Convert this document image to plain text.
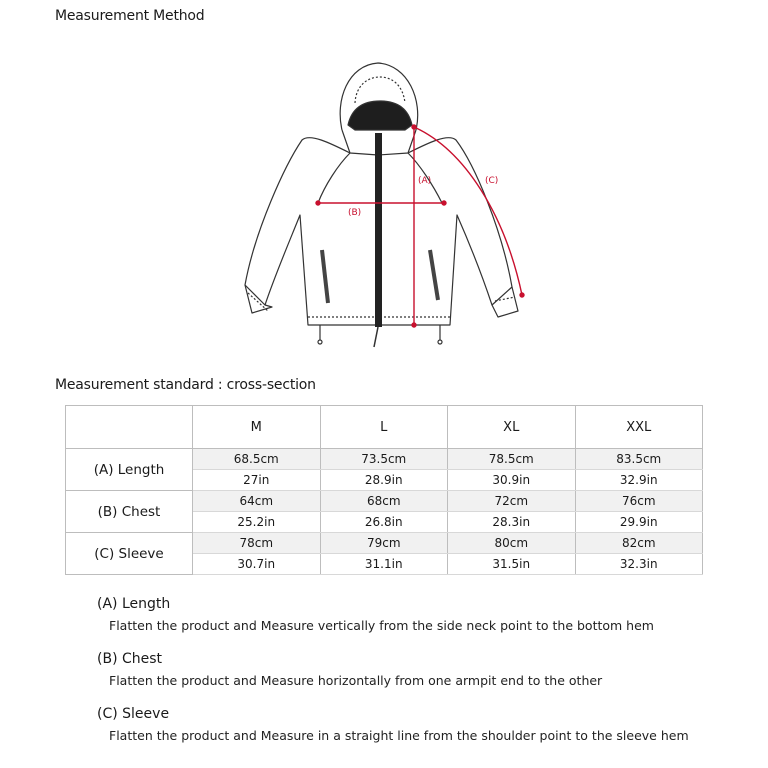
Measurement Method
(B)
(A)	(C)
Measurement standard : cross-section
	M	L	XL	XXL
(A) Length	68.5cm	73.5cm	78.5cm	83.5cm
	27in	28.9in	30.9in	32.9in
(B) Chest	64cm	68cm	72cm	76cm
	25.2in	26.8in	28.3in	29.9in
(C) Sleeve	78cm	79cm	80cm	82cm
	30.7in	31.1in	31.5in	32.3in
(A) Length
Flatten the product and Measure vertically from the side neck point to the bottom hem
(B) Chest
Flatten the product and Measure horizontally from one armpit end to the other
(C) Sleeve
Flatten the product and Measure in a straight line from the shoulder point to the sleeve hem
